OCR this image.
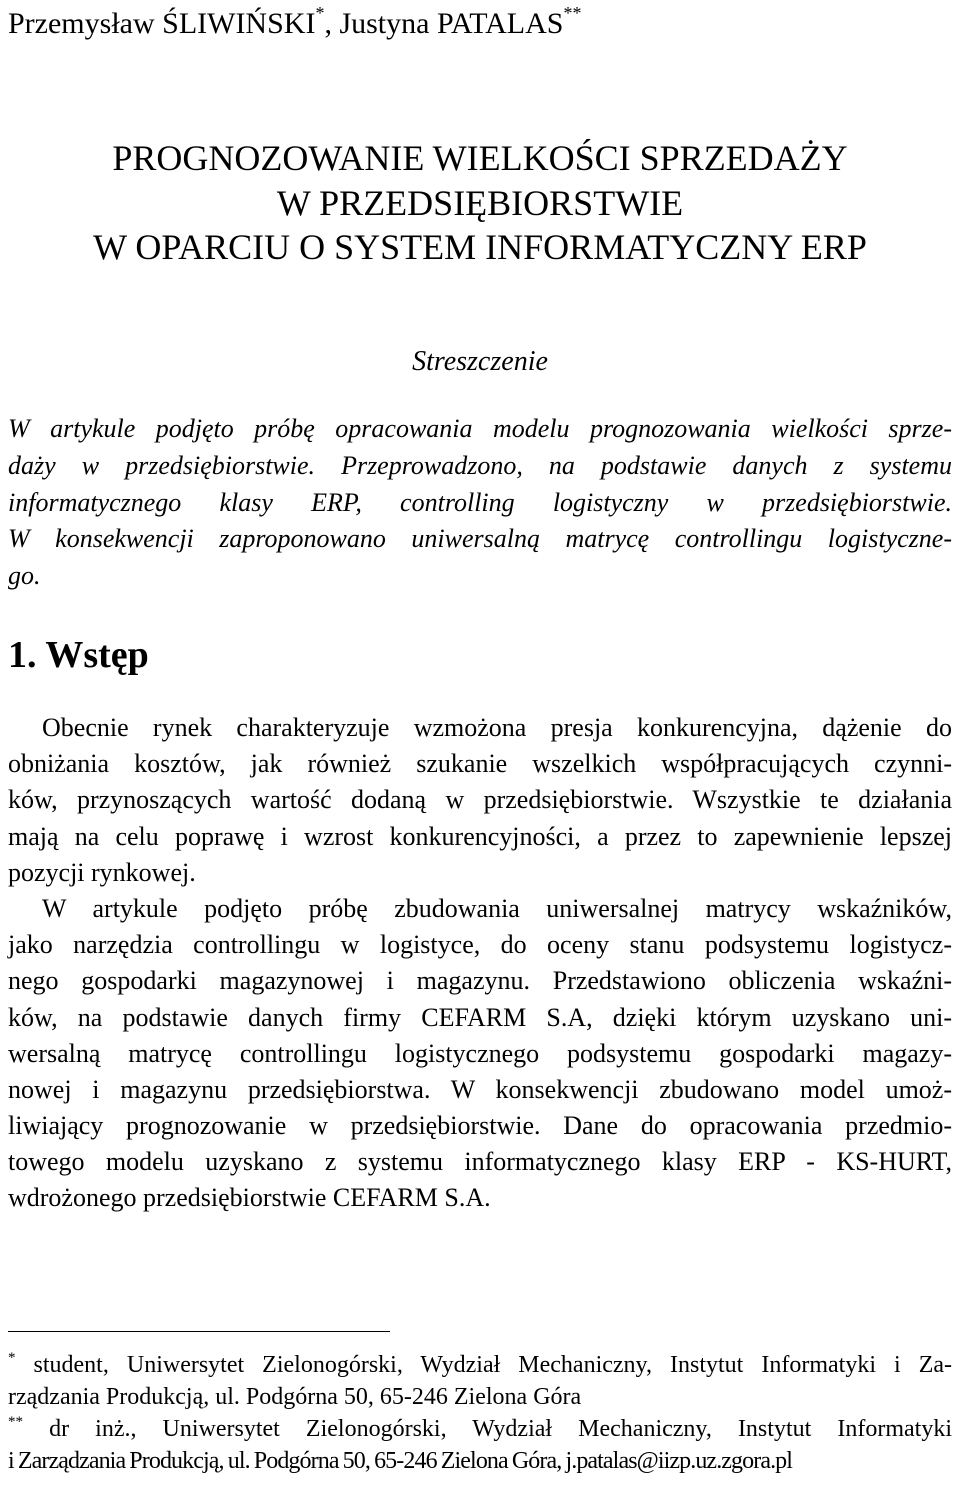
Przemysław ŚLIWIŃSKI*, Justyna PATALAS**
PROGNOZOWANIE WIELKOŚCI SPRZEDAŻY
W PRZEDSIĘBIORSTWIE
W OPARCIU O SYSTEM INFORMATYCZNY ERP
Streszczenie
W artykule podjęto próbę opracowania modelu prognozowania wielkości sprze-
daży w przedsiębiorstwie. Przeprowadzono, na podstawie danych z systemu
informatycznego klasy ERP, controlling logistyczny w przedsiębiorstwie.
W konsekwencji zaproponowano uniwersalną matrycę controllingu logistyczne-
go.
1. Wstęp
Obecnie rynek charakteryzuje wzmożona presja konkurencyjna, dążenie do
obniżania kosztów, jak również szukanie wszelkich współpracujących czynni-
ków, przynoszących wartość dodaną w przedsiębiorstwie. Wszystkie te działania
mają na celu poprawę i wzrost konkurencyjności, a przez to zapewnienie lepszej
pozycji rynkowej.
W artykule podjęto próbę zbudowania uniwersalnej matrycy wskaźników,
jako narzędzia controllingu w logistyce, do oceny stanu podsystemu logistycz-
nego gospodarki magazynowej i magazynu. Przedstawiono obliczenia wskaźni-
ków, na podstawie danych firmy CEFARM S.A, dzięki którym uzyskano uni-
wersalną matrycę controllingu logistycznego podsystemu gospodarki magazy-
nowej i magazynu przedsiębiorstwa. W konsekwencji zbudowano model umoż-
liwiający prognozowanie w przedsiębiorstwie. Dane do opracowania przedmio-
towego modelu uzyskano z systemu informatycznego klasy ERP - KS-HURT,
wdrożonego przedsiębiorstwie CEFARM S.A.
* student, Uniwersytet Zielonogórski, Wydział Mechaniczny, Instytut Informatyki i Za-
rządzania Produkcją, ul. Podgórna 50, 65-246 Zielona Góra
** dr inż., Uniwersytet Zielonogórski, Wydział Mechaniczny, Instytut Informatyki
i Zarządzania Produkcją, ul. Podgórna 50, 65-246 Zielona Góra, j.patalas@iizp.uz.zgora.pl
